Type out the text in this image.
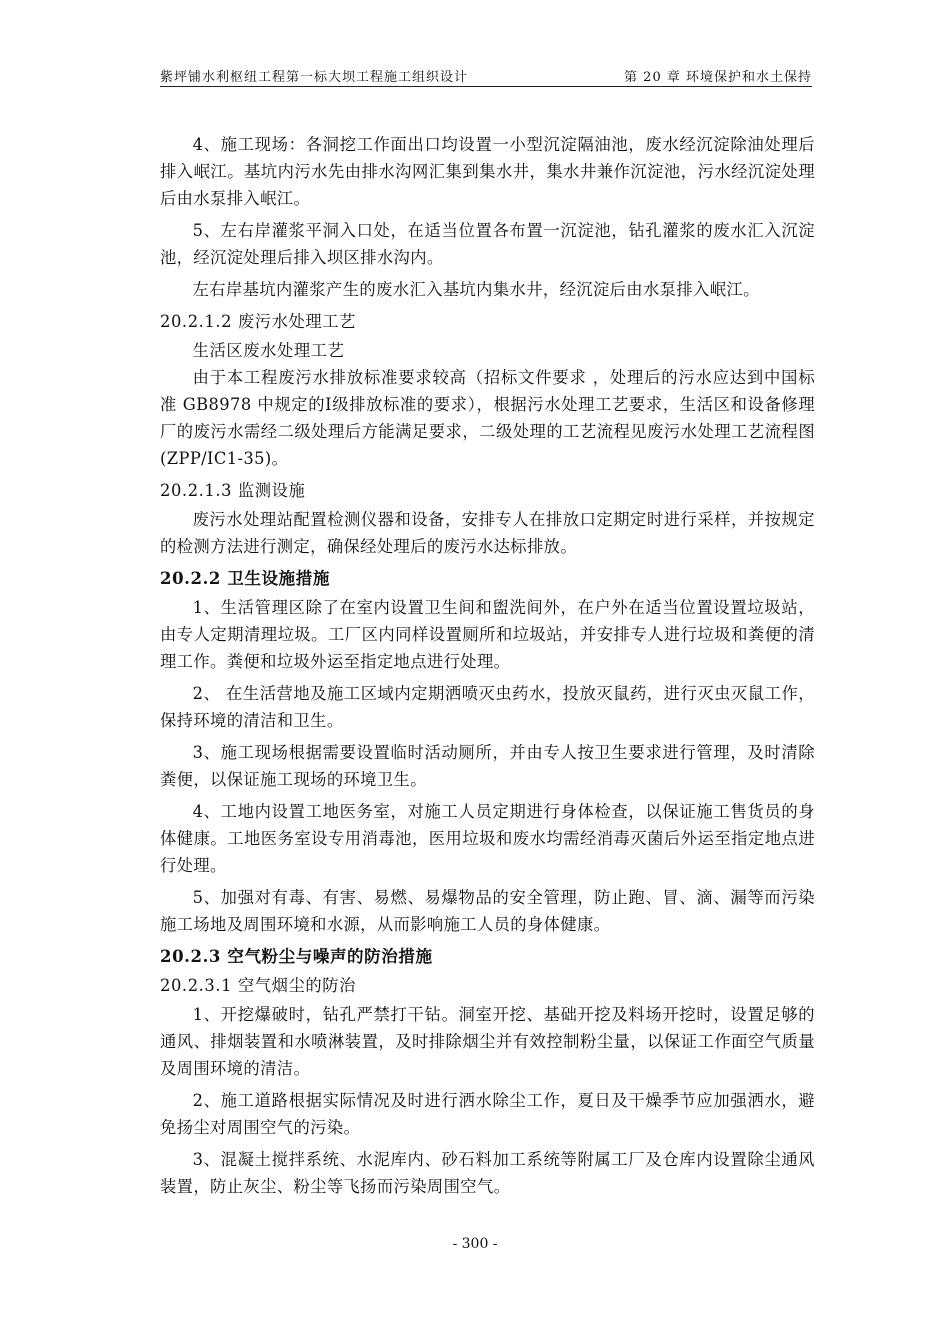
紫坪铺水利枢纽工程第一标大坝工程施工组织设计	第 20 章 环境保护和水土保持

4、施工现场：各洞挖工作面出口均设置一小型沉淀隔油池，废水经沉淀除油处理后排入岷江。基坑内污水先由排水沟网汇集到集水井，集水井兼作沉淀池，污水经沉淀处理后由水泵排入岷江。

5、左右岸灌浆平洞入口处，在适当位置各布置一沉淀池，钻孔灌浆的废水汇入沉淀池，经沉淀处理后排入坝区排水沟内。

左右岸基坑内灌浆产生的废水汇入基坑内集水井，经沉淀后由水泵排入岷江。

20.2.1.2 废污水处理工艺

生活区废水处理工艺

由于本工程废污水排放标准要求较高（招标文件要求 ，处理后的污水应达到中国标准 GB8978 中规定的Ⅰ级排放标准的要求），根据污水处理工艺要求，生活区和设备修理厂的废污水需经二级处理后方能满足要求，二级处理的工艺流程见废污水处理工艺流程图(ZPP/IC1-35)。

20.2.1.3 监测设施

废污水处理站配置检测仪器和设备，安排专人在排放口定期定时进行采样，并按规定的检测方法进行测定，确保经处理后的废污水达标排放。

20.2.2 卫生设施措施

1、生活管理区除了在室内设置卫生间和盥洗间外，在户外在适当位置设置垃圾站，由专人定期清理垃圾。工厂区内同样设置厕所和垃圾站，并安排专人进行垃圾和粪便的清理工作。粪便和垃圾外运至指定地点进行处理。

2、 在生活营地及施工区域内定期洒喷灭虫药水，投放灭鼠药，进行灭虫灭鼠工作，保持环境的清洁和卫生。

3、施工现场根据需要设置临时活动厕所，并由专人按卫生要求进行管理，及时清除粪便，以保证施工现场的环境卫生。

4、工地内设置工地医务室，对施工人员定期进行身体检查，以保证施工售货员的身体健康。工地医务室设专用消毒池，医用垃圾和废水均需经消毒灭菌后外运至指定地点进行处理。

5、加强对有毒、有害、易燃、易爆物品的安全管理，防止跑、冒、滴、漏等而污染施工场地及周围环境和水源，从而影响施工人员的身体健康。

20.2.3 空气粉尘与噪声的防治措施

20.2.3.1 空气烟尘的防治

1、开挖爆破时，钻孔严禁打干钻。洞室开挖、基础开挖及料场开挖时，设置足够的通风、排烟装置和水喷淋装置，及时排除烟尘并有效控制粉尘量，以保证工作面空气质量及周围环境的清洁。

2、施工道路根据实际情况及时进行洒水除尘工作，夏日及干燥季节应加强洒水，避免扬尘对周围空气的污染。

3、混凝土搅拌系统、水泥库内、砂石料加工系统等附属工厂及仓库内设置除尘通风装置，防止灰尘、粉尘等飞扬而污染周围空气。

- 300 -
